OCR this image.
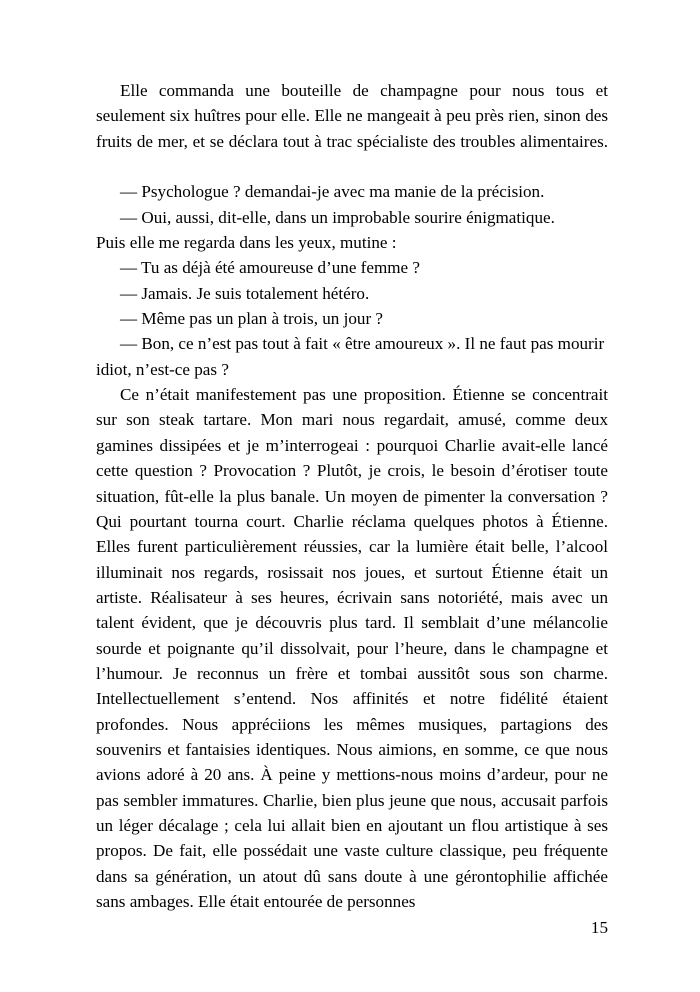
Elle commanda une bouteille de champagne pour nous tous et seulement six huîtres pour elle. Elle ne mangeait à peu près rien, sinon des fruits de mer, et se déclara tout à trac spécialiste des troubles alimentaires.

— Psychologue ? demandai-je avec ma manie de la précision.

— Oui, aussi, dit-elle, dans un improbable sourire énigmatique.

Puis elle me regarda dans les yeux, mutine :

— Tu as déjà été amoureuse d’une femme ?

— Jamais. Je suis totalement hétéro.

— Même pas un plan à trois, un jour ?

— Bon, ce n’est pas tout à fait « être amoureux ». Il ne faut pas mourir idiot, n’est-ce pas ?

Ce n’était manifestement pas une proposition. Étienne se concentrait sur son steak tartare. Mon mari nous regardait, amusé, comme deux gamines dissipées et je m’interrogeai : pourquoi Charlie avait-elle lancé cette question ? Provocation ? Plutôt, je crois, le besoin d’érotiser toute situation, fût-elle la plus banale. Un moyen de pimenter la conversation ? Qui pourtant tourna court. Charlie réclama quelques photos à Étienne. Elles furent particulièrement réussies, car la lumière était belle, l’alcool illuminait nos regards, rosissait nos joues, et surtout Étienne était un artiste. Réalisateur à ses heures, écrivain sans notoriété, mais avec un talent évident, que je découvris plus tard. Il semblait d’une mélancolie sourde et poignante qu’il dissolvait, pour l’heure, dans le champagne et l’humour. Je reconnus un frère et tombai aussitôt sous son charme. Intellectuellement s’entend. Nos affinités et notre fidélité étaient profondes. Nous appréciions les mêmes musiques, partagions des souvenirs et fantaisies identiques. Nous aimions, en somme, ce que nous avions adoré à 20 ans. À peine y mettions-nous moins d’ardeur, pour ne pas sembler immatures. Charlie, bien plus jeune que nous, accusait parfois un léger décalage ; cela lui allait bien en ajoutant un flou artistique à ses propos. De fait, elle possédait une vaste culture classique, peu fréquente dans sa génération, un atout dû sans doute à une gérontophilie affichée sans ambages. Elle était entourée de personnes

15
